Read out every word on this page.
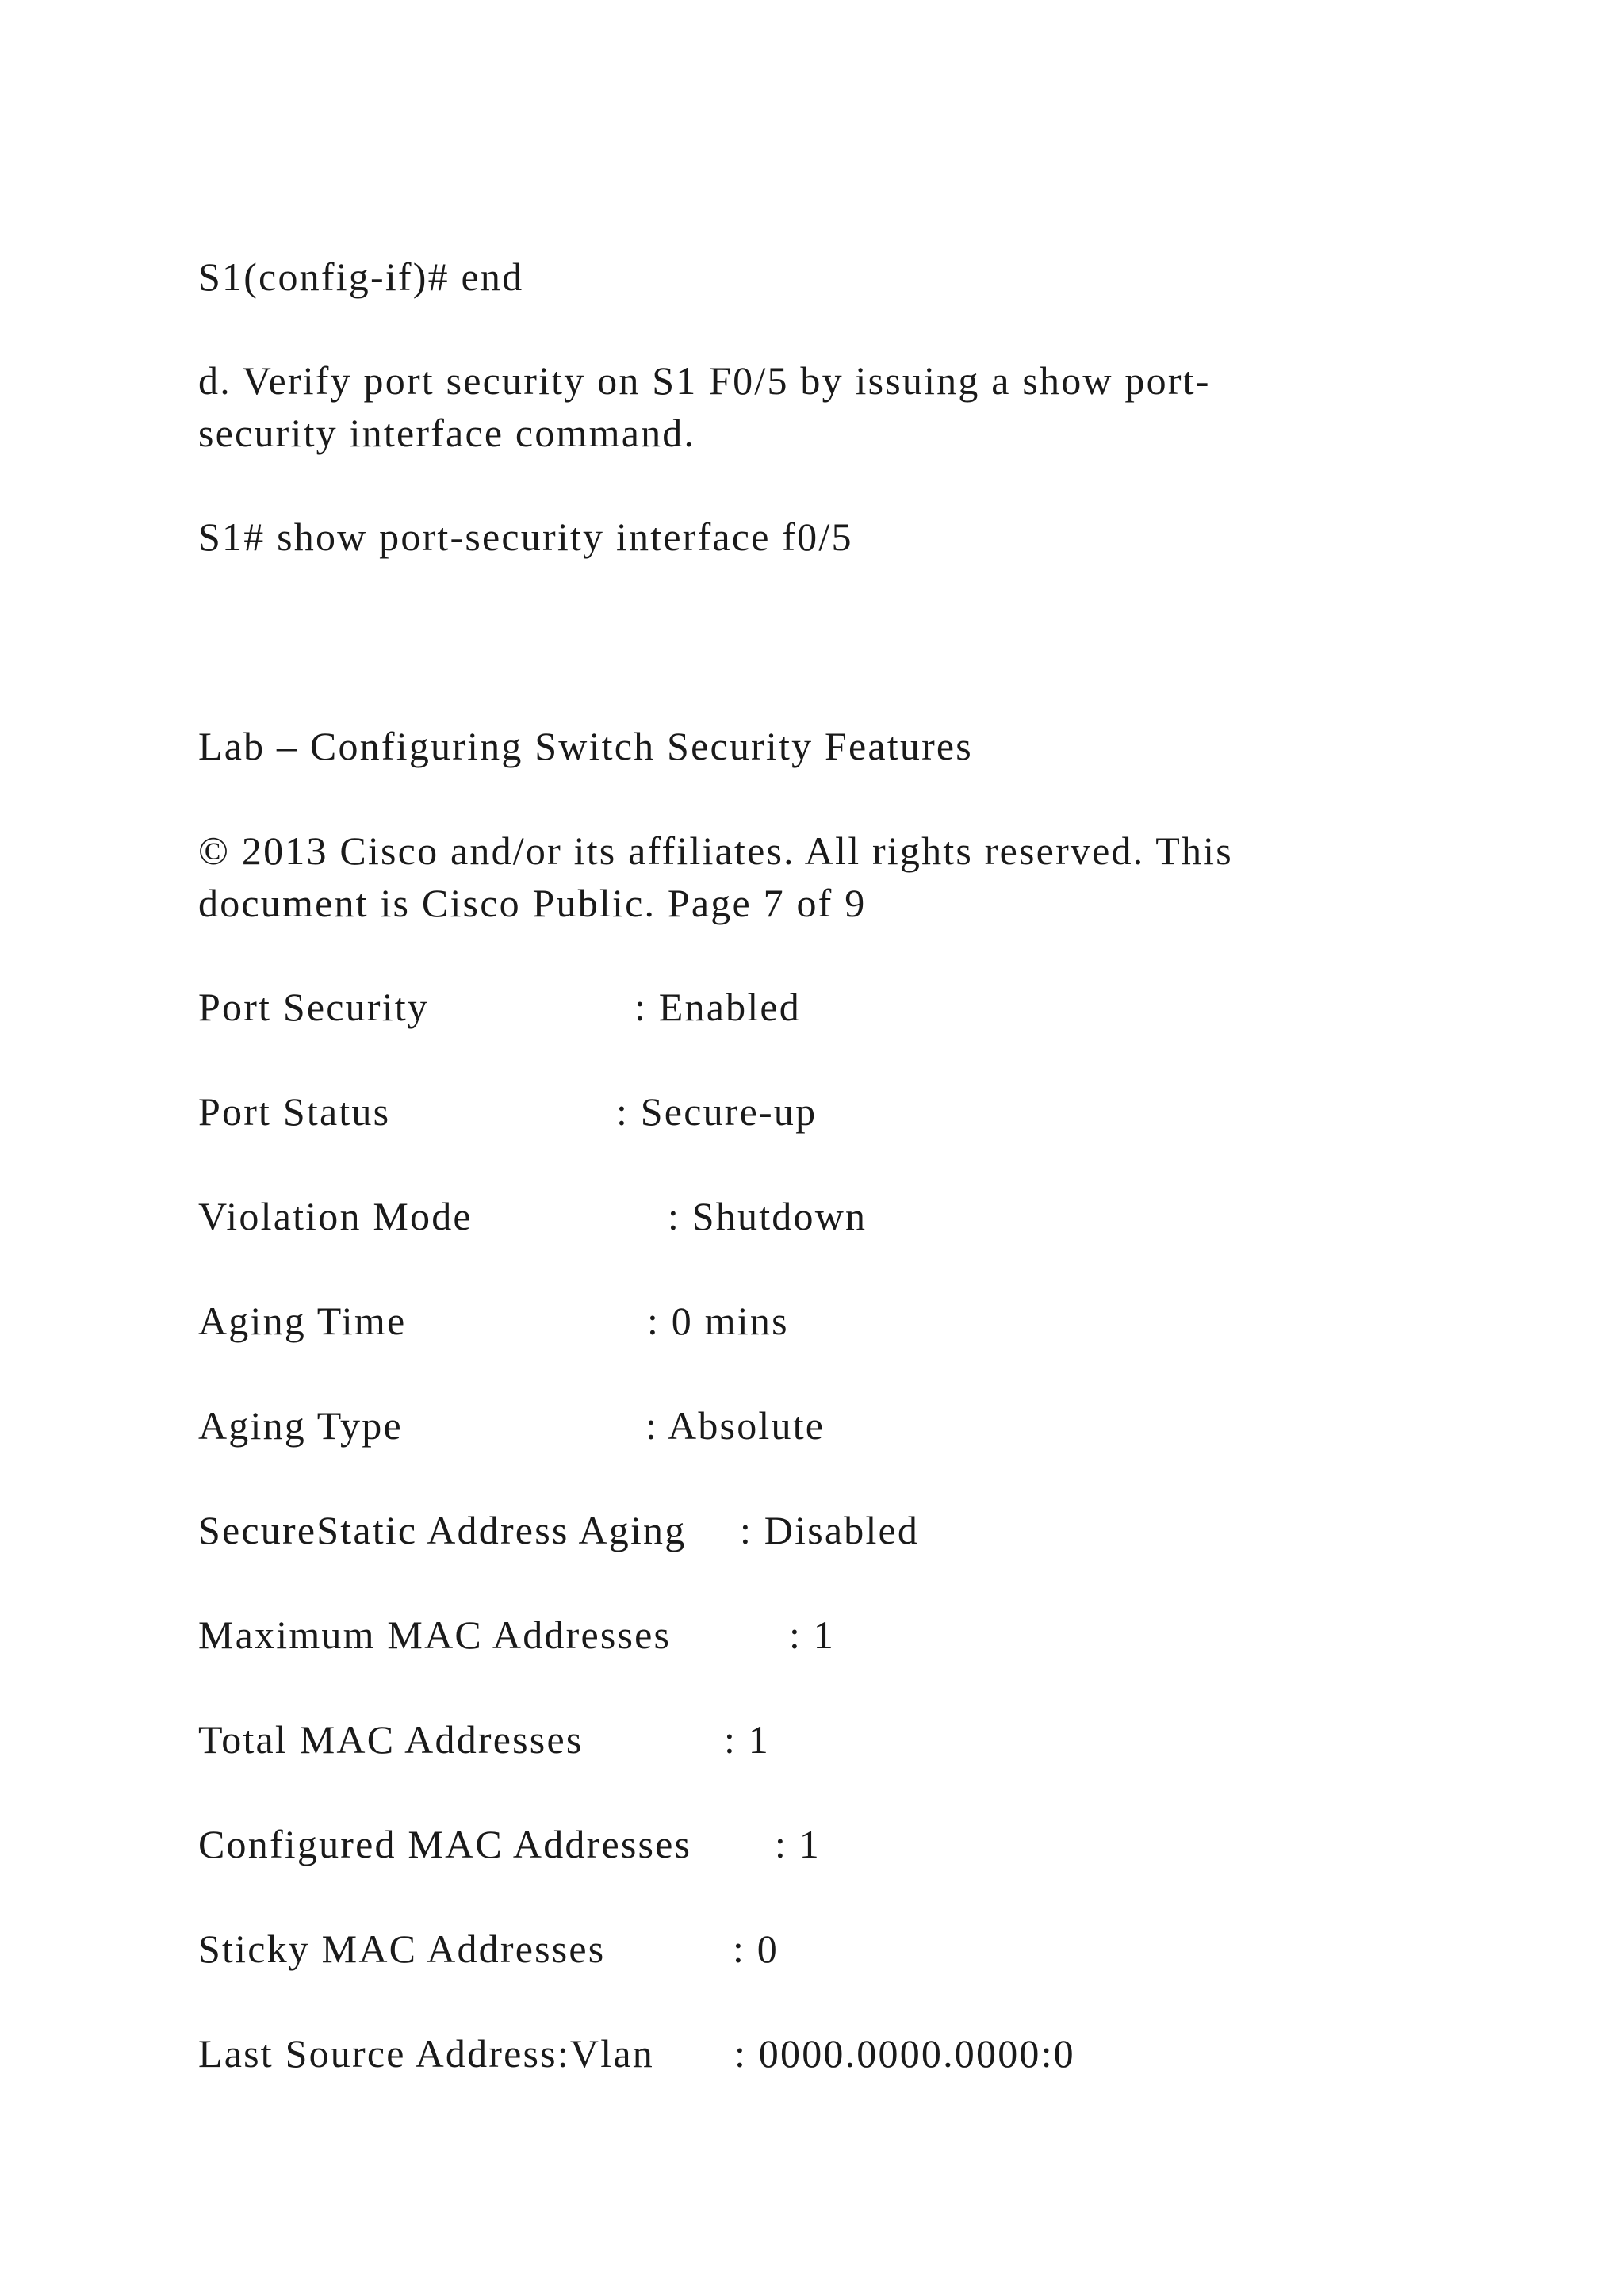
S1(config-if)# end

d. Verify port security on S1 F0/5 by issuing a show port-
security interface command.

S1# show port-security interface f0/5

Lab – Configuring Switch Security Features

© 2013 Cisco and/or its affiliates. All rights reserved. This
document is Cisco Public. Page 7 of 9

Port Security	: Enabled

Port Status	: Secure-up

Violation Mode	: Shutdown

Aging Time	: 0 mins

Aging Type	: Absolute

SecureStatic Address Aging : Disabled

Maximum MAC Addresses	: 1

Total MAC Addresses	: 1

Configured MAC Addresses : 1

Sticky MAC Addresses	: 0

Last Source Address:Vlan : 0000.0000.0000:0
